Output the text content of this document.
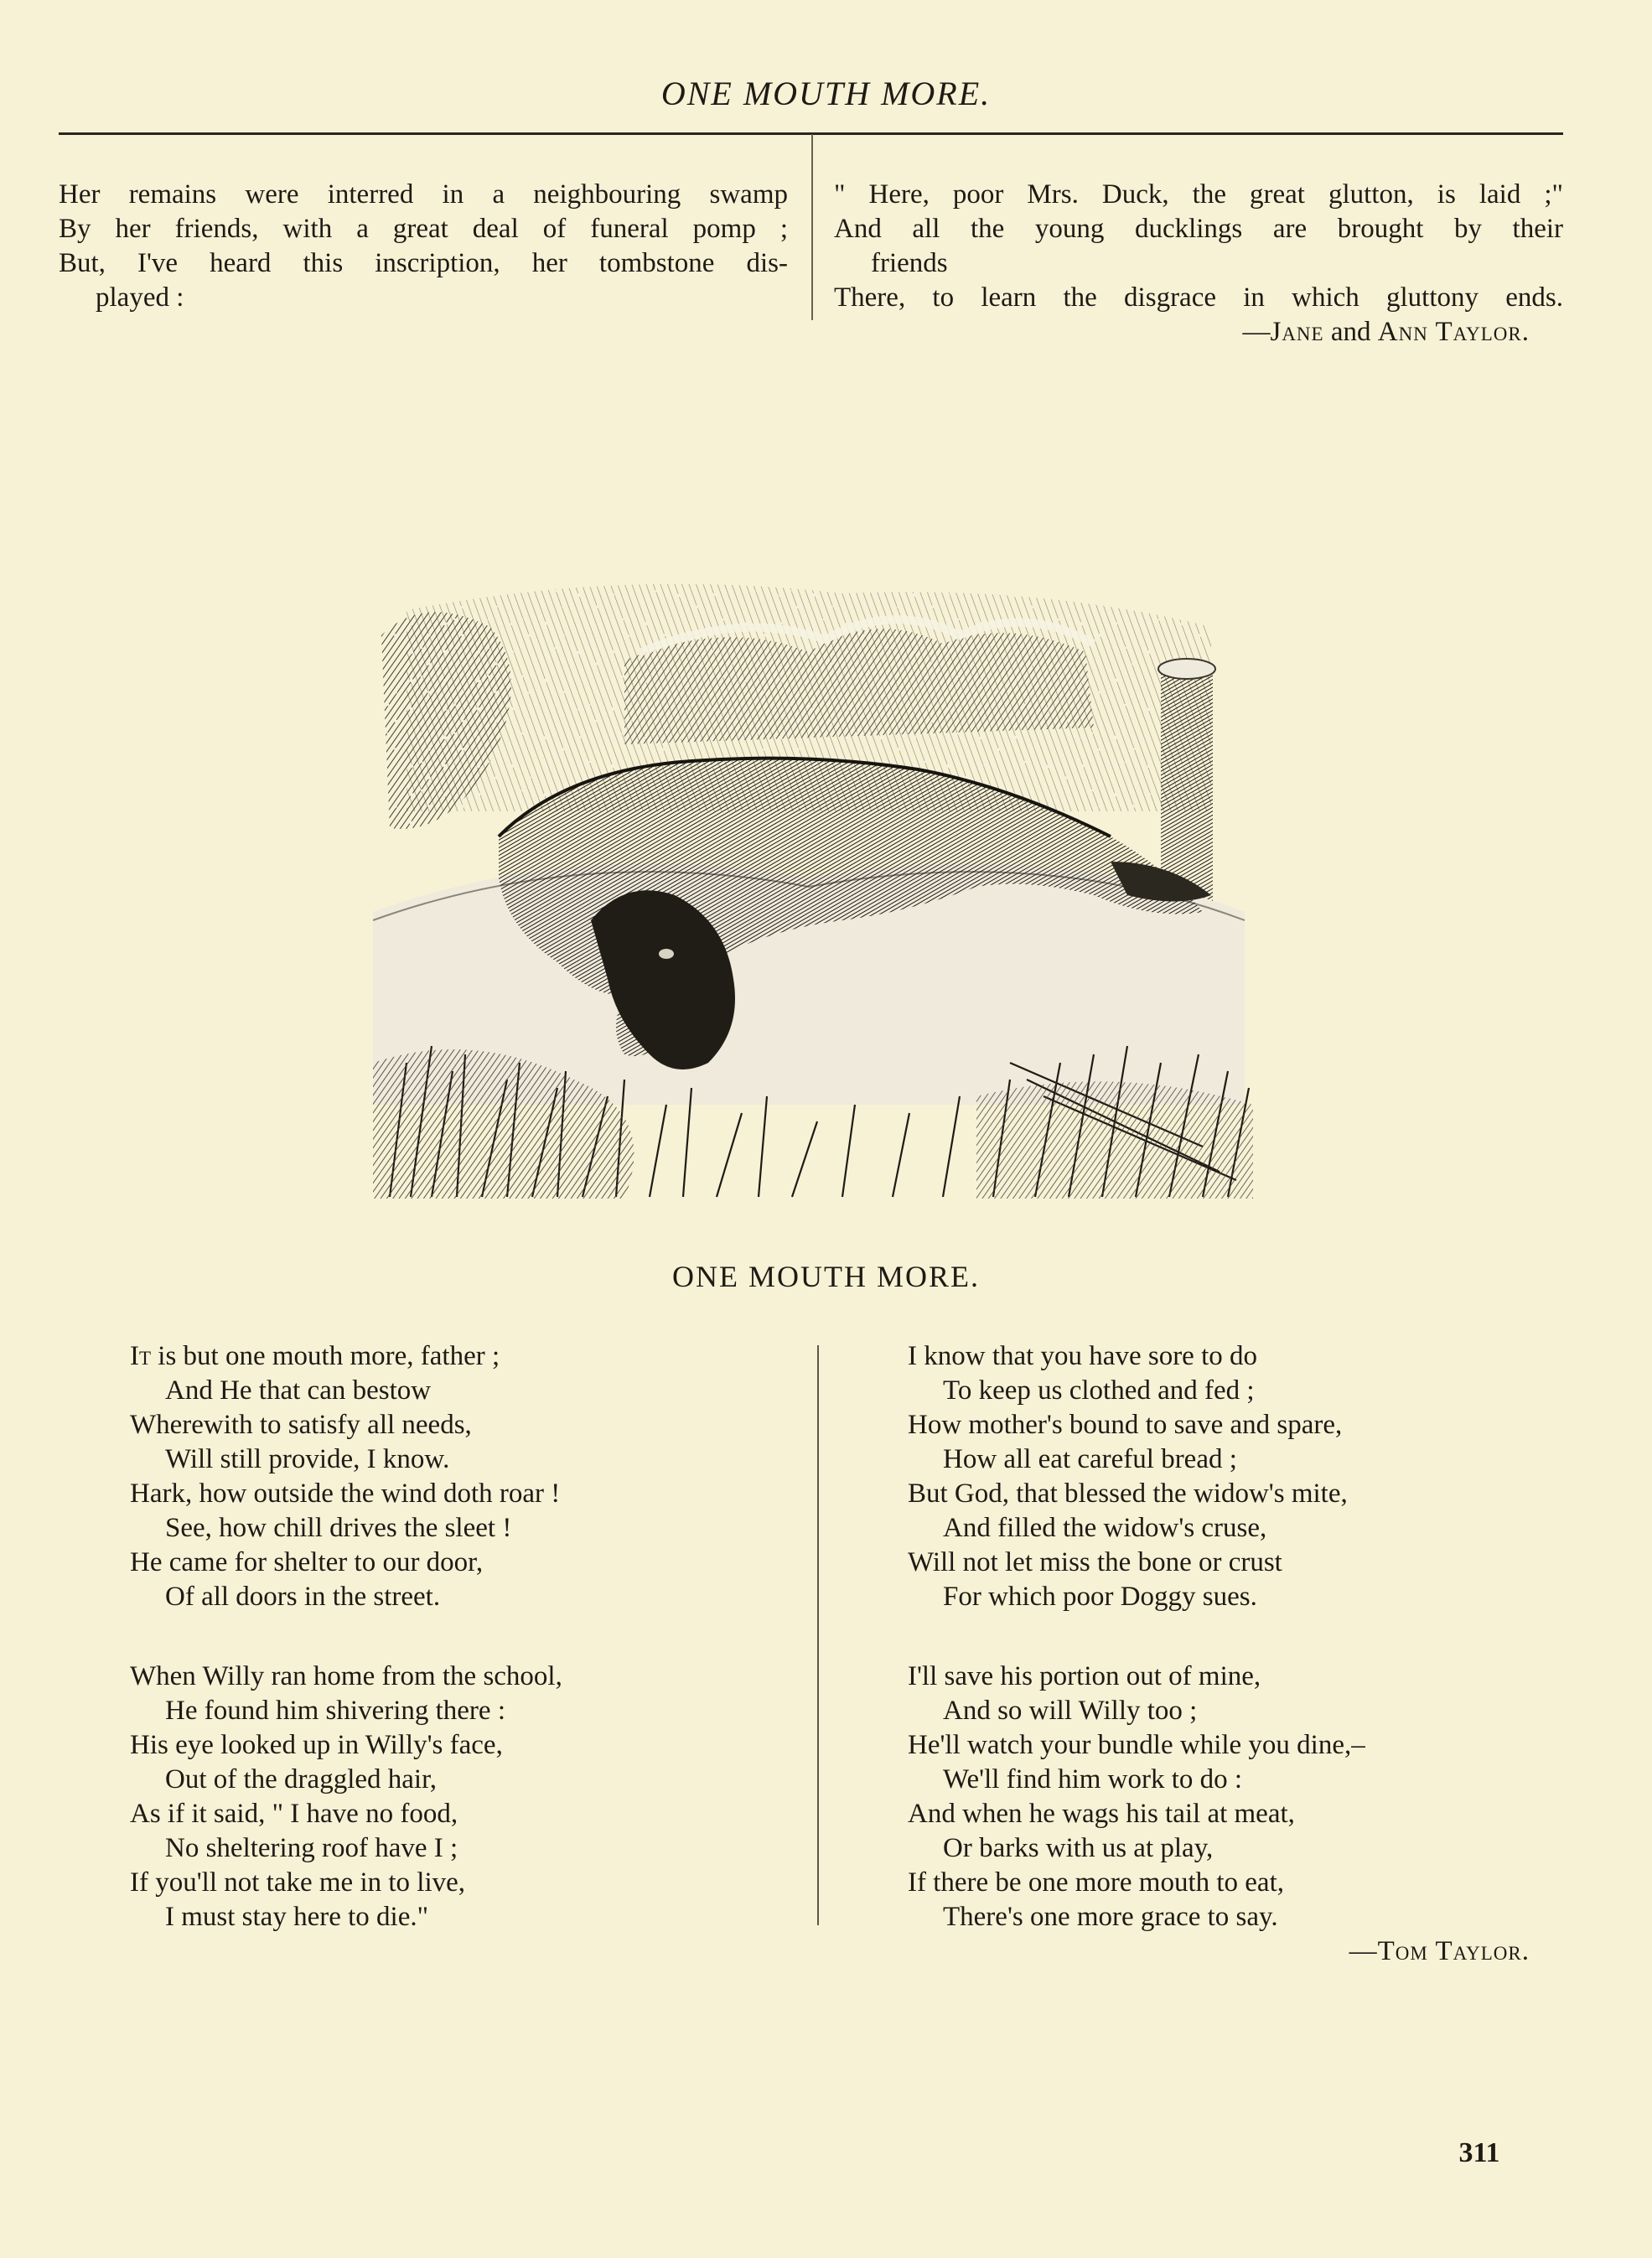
ONE MOUTH MORE.
Her remains were interred in a neighbouring swamp
By her friends, with a great deal of funeral pomp ;
But, I've heard this inscription, her tombstone dis-
played :
" Here, poor Mrs. Duck, the great glutton, is laid ;"
And all the young ducklings are brought by their
friends
There, to learn the disgrace in which gluttony ends.
—Jane and Ann Taylor.
ONE MOUTH MORE.
It is but one mouth more, father ;
And He that can bestow
Wherewith to satisfy all needs,
Will still provide, I know.
Hark, how outside the wind doth roar !
See, how chill drives the sleet !
He came for shelter to our door,
Of all doors in the street.
When Willy ran home from the school,
He found him shivering there :
His eye looked up in Willy's face,
Out of the draggled hair,
As if it said, " I have no food,
No sheltering roof have I ;
If you'll not take me in to live,
I must stay here to die."
I know that you have sore to do
To keep us clothed and fed ;
How mother's bound to save and spare,
How all eat careful bread ;
But God, that blessed the widow's mite,
And filled the widow's cruse,
Will not let miss the bone or crust
For which poor Doggy sues.
I'll save his portion out of mine,
And so will Willy too ;
He'll watch your bundle while you dine,–
We'll find him work to do :
And when he wags his tail at meat,
Or barks with us at play,
If there be one more mouth to eat,
There's one more grace to say.
—Tom Taylor.
311
